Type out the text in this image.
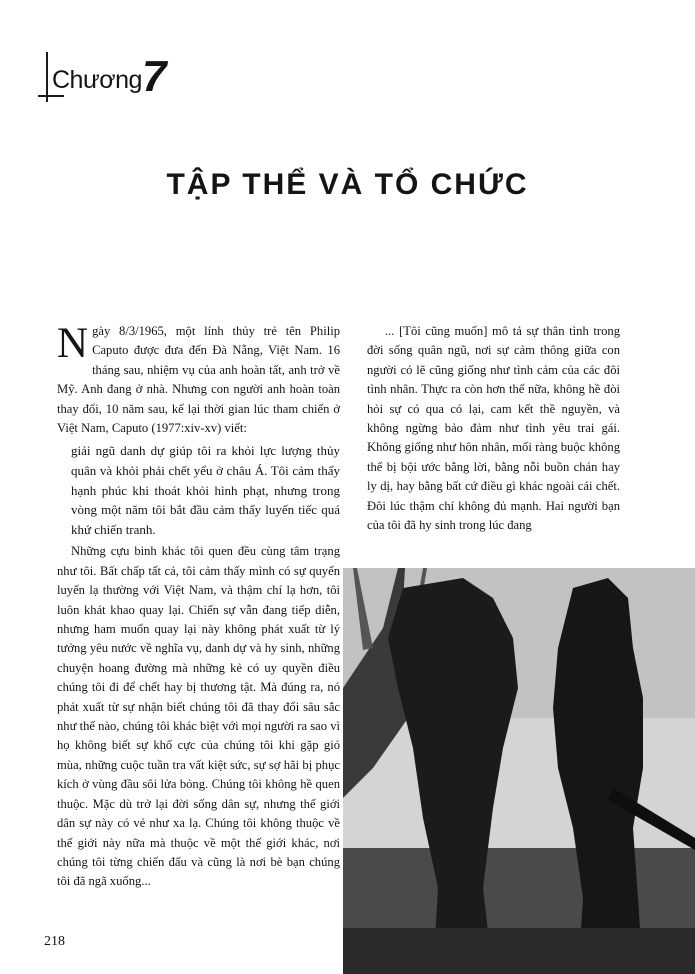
Chương 7
TẬP THỂ VÀ TỔ CHỨC

Ngày 8/3/1965, một lính thủy trẻ tên Philip Caputo được đưa đến Đà Nẵng, Việt Nam. 16 tháng sau, nhiệm vụ của anh hoàn tất, anh trở về Mỹ. Anh đang ở nhà. Nhưng con người anh hoàn toàn thay đổi, 10 năm sau, kể lại thời gian lúc tham chiến ở Việt Nam, Caputo (1977:xiv-xv) viết:

giải ngũ danh dự giúp tôi ra khỏi lực lượng thủy quân và khỏi phải chết yểu ở châu Á. Tôi cảm thấy hạnh phúc khi thoát khỏi hình phạt, nhưng trong vòng một năm tôi bắt đầu cảm thấy luyến tiếc quá khứ chiến tranh.

Những cựu binh khác tôi quen đều cùng tâm trạng như tôi. Bất chấp tất cả, tôi cảm thấy mình có sự quyến luyến lạ thường với Việt Nam, và thậm chí lạ hơn, tôi luôn khát khao quay lại. Chiến sự vẫn đang tiếp diễn, nhưng ham muốn quay lại này không phát xuất từ lý tưởng yêu nước về nghĩa vụ, danh dự và hy sinh, những chuyện hoang đường mà những kẻ có uy quyền điều chúng tôi đi để chết hay bị thương tật. Mà đúng ra, nó phát xuất từ sự nhận biết chúng tôi đã thay đổi sâu sắc như thế nào, chúng tôi khác biệt với mọi người ra sao vì họ không biết sự khổ cực của chúng tôi khi gặp gió mùa, những cuộc tuần tra vất kiệt sức, sự sợ hãi bị phục kích ở vùng đầu sôi lửa bỏng. Chúng tôi không hề quen thuộc. Mặc dù trở lại đời sống dân sự, nhưng thế giới dân sự này có vẻ như xa lạ. Chúng tôi không thuộc về thế giới này nữa mà thuộc về một thế giới khác, nơi chúng tôi từng chiến đấu và cũng là nơi bè bạn chúng tôi đã ngã xuống...

... [Tôi cũng muốn] mô tả sự thân tình trong đời sống quân ngũ, nơi sự cảm thông giữa con người có lẽ cũng giống như tình cảm của các đôi tình nhân. Thực ra còn hơn thế nữa, không hề đòi hỏi sự có qua có lại, cam kết thề nguyền, và không ngừng bảo đảm như tình yêu trai gái. Không giống như hôn nhân, mối ràng buộc không thể bị bội ước bằng lời, bằng nỗi buồn chán hay ly dị, hay bằng bất cứ điều gì khác ngoài cái chết. Đôi lúc thậm chí không đủ mạnh. Hai người bạn của tôi đã hy sinh trong lúc đang

218
